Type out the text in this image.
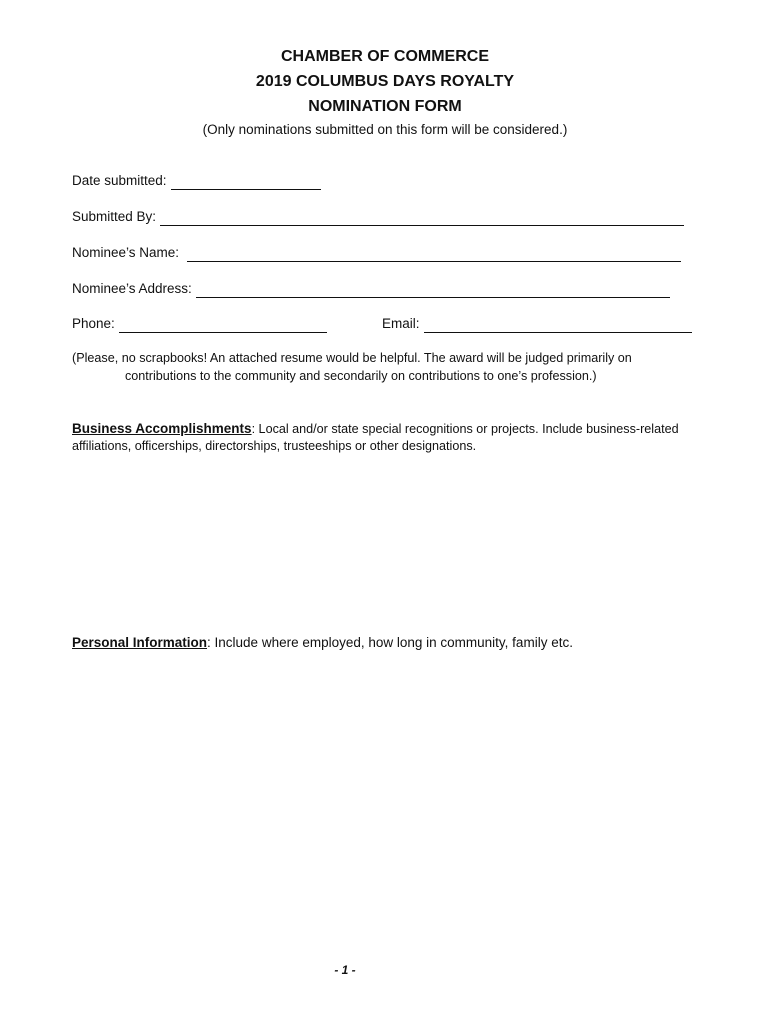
CHAMBER OF COMMERCE
2019 COLUMBUS DAYS ROYALTY
NOMINATION FORM
(Only nominations submitted on this form will be considered.)
Date submitted:
Submitted By:
Nominee’s Name:
Nominee’s Address:
Phone:	Email:
(Please, no scrapbooks! An attached resume would be helpful. The award will be judged primarily on
contributions to the community and secondarily on contributions to one’s profession.)
Business Accomplishments: Local and/or state special recognitions or projects. Include business-related affiliations, officerships, directorships, trusteeships or other designations.
Personal Information: Include where employed, how long in community, family etc.
- 1 -
